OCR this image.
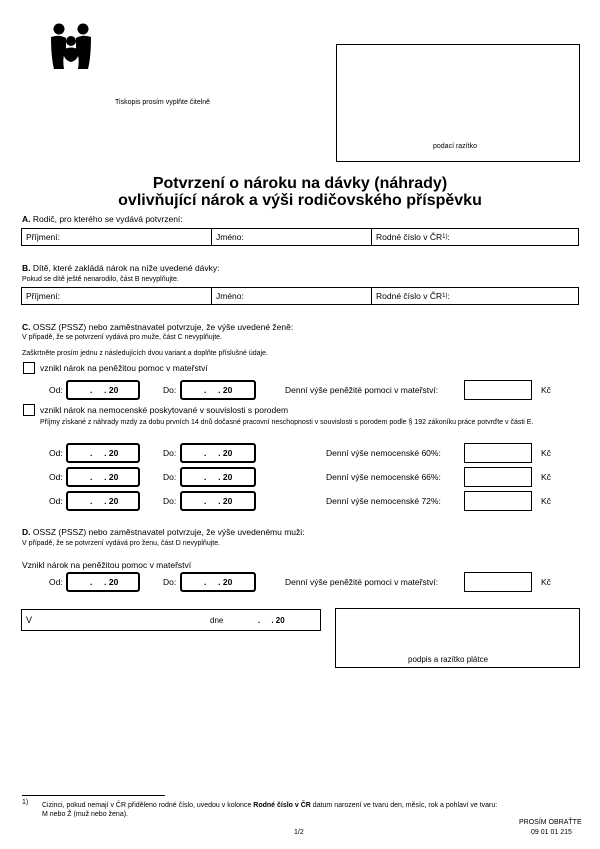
Tiskopis prosím vyplňte čitelně
podací razítko
Potvrzení o nároku na dávky (náhrady)
ovlivňující nárok a výši rodičovského příspěvku
A. Rodič, pro kterého se vydává potvrzení:
Příjmení:	Jméno:	Rodné číslo v ČR 1) :
B. Dítě, které zakládá nárok na níže uvedené dávky:
Pokud se dítě ještě nenarodilo, část B nevyplňujte.
Příjmení:	Jméno:	Rodné číslo v ČR 1) :
C. OSSZ (PSSZ) nebo zaměstnavatel potvrzuje, že výše uvedené ženě:
V případě, že se potvrzení vydává pro muže, část C nevyplňujte.
Zaškrtněte prosím jednu z následujících dvou variant a doplňte příslušné údaje.
vznikl nárok na peněžitou pomoc v mateřství
Od:	.     . 20	Do:	.     . 20	Denní výše peněžité pomoci v mateřství:	Kč
vznikl nárok na nemocenské poskytované v souvislosti s porodem
Příjmy získané z náhrady mzdy za dobu prvních 14 dnů dočasné pracovní neschopnosti v souvislosti s porodem podle § 192 zákoníku práce potvrďte v části E.
Od:	.     . 20	Do:	.     . 20	Denní výše nemocenské 60%:	Kč
Od:	.     . 20	Do:	.     . 20	Denní výše nemocenské 66%:	Kč
Od:	.     . 20	Do:	.     . 20	Denní výše nemocenské 72%:	Kč
D. OSSZ (PSSZ) nebo zaměstnavatel potvrzuje, že výše uvedenému muži:
V případě, že se potvrzení vydává pro ženu, část D nevyplňujte.
Vznikl nárok na peněžitou pomoc v mateřství
Od:	.     . 20	Do:	.     . 20	Denní výše peněžité pomoci v mateřství:	Kč
V	dne	.     . 20
podpis a razítko plátce
1) Cizinci, pokud nemají v ČR přiděleno rodné číslo, uvedou v kolonce Rodné číslo v ČR datum narození ve tvaru den, měsíc, rok a pohlaví ve tvaru:
M nebo Ž (muž nebo žena).
PROSÍM OBRAŤTE
09 01 01 215
1/2
